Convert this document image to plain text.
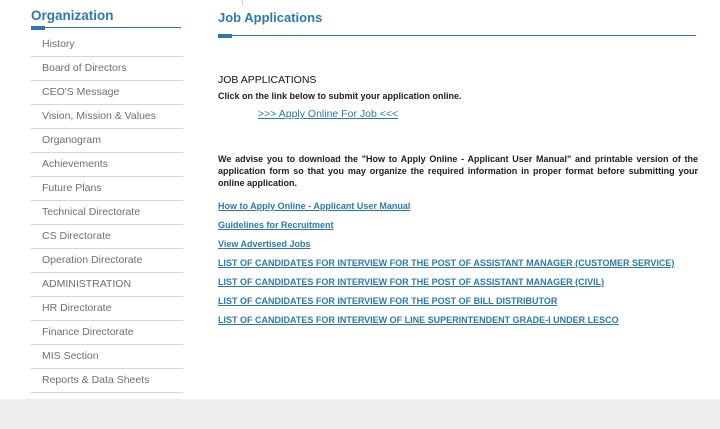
Organization
History
Board of Directors
CEO'S Message
Vision, Mission & Values
Organogram
Achievements
Future Plans
Technical Directorate
CS Directorate
Operation Directorate
ADMINISTRATION
HR Directorate
Finance Directorate
MIS Section
Reports & Data Sheets
Job Applications
JOB APPLICATIONS
Click on the link below to submit your application online.
>>> Apply Online For Job <<<
We advise you to download the "How to Apply Online - Applicant User Manual" and printable version of the application form so that you may organize the required information in proper format before submitting your online application.
How to Apply Online - Applicant User Manual
Guidelines for Recruitment
View Advertised Jobs
LIST OF CANDIDATES FOR INTERVIEW FOR THE POST OF ASSISTANT MANAGER (CUSTOMER SERVICE)
LIST OF CANDIDATES FOR INTERVIEW FOR THE POST OF ASSISTANT MANAGER (CIVIL)
LIST OF CANDIDATES FOR INTERVIEW FOR THE POST OF BILL DISTRIBUTOR
LIST OF CANDIDATES FOR INTERVIEW OF LINE SUPERINTENDENT GRADE-I UNDER LESCO
